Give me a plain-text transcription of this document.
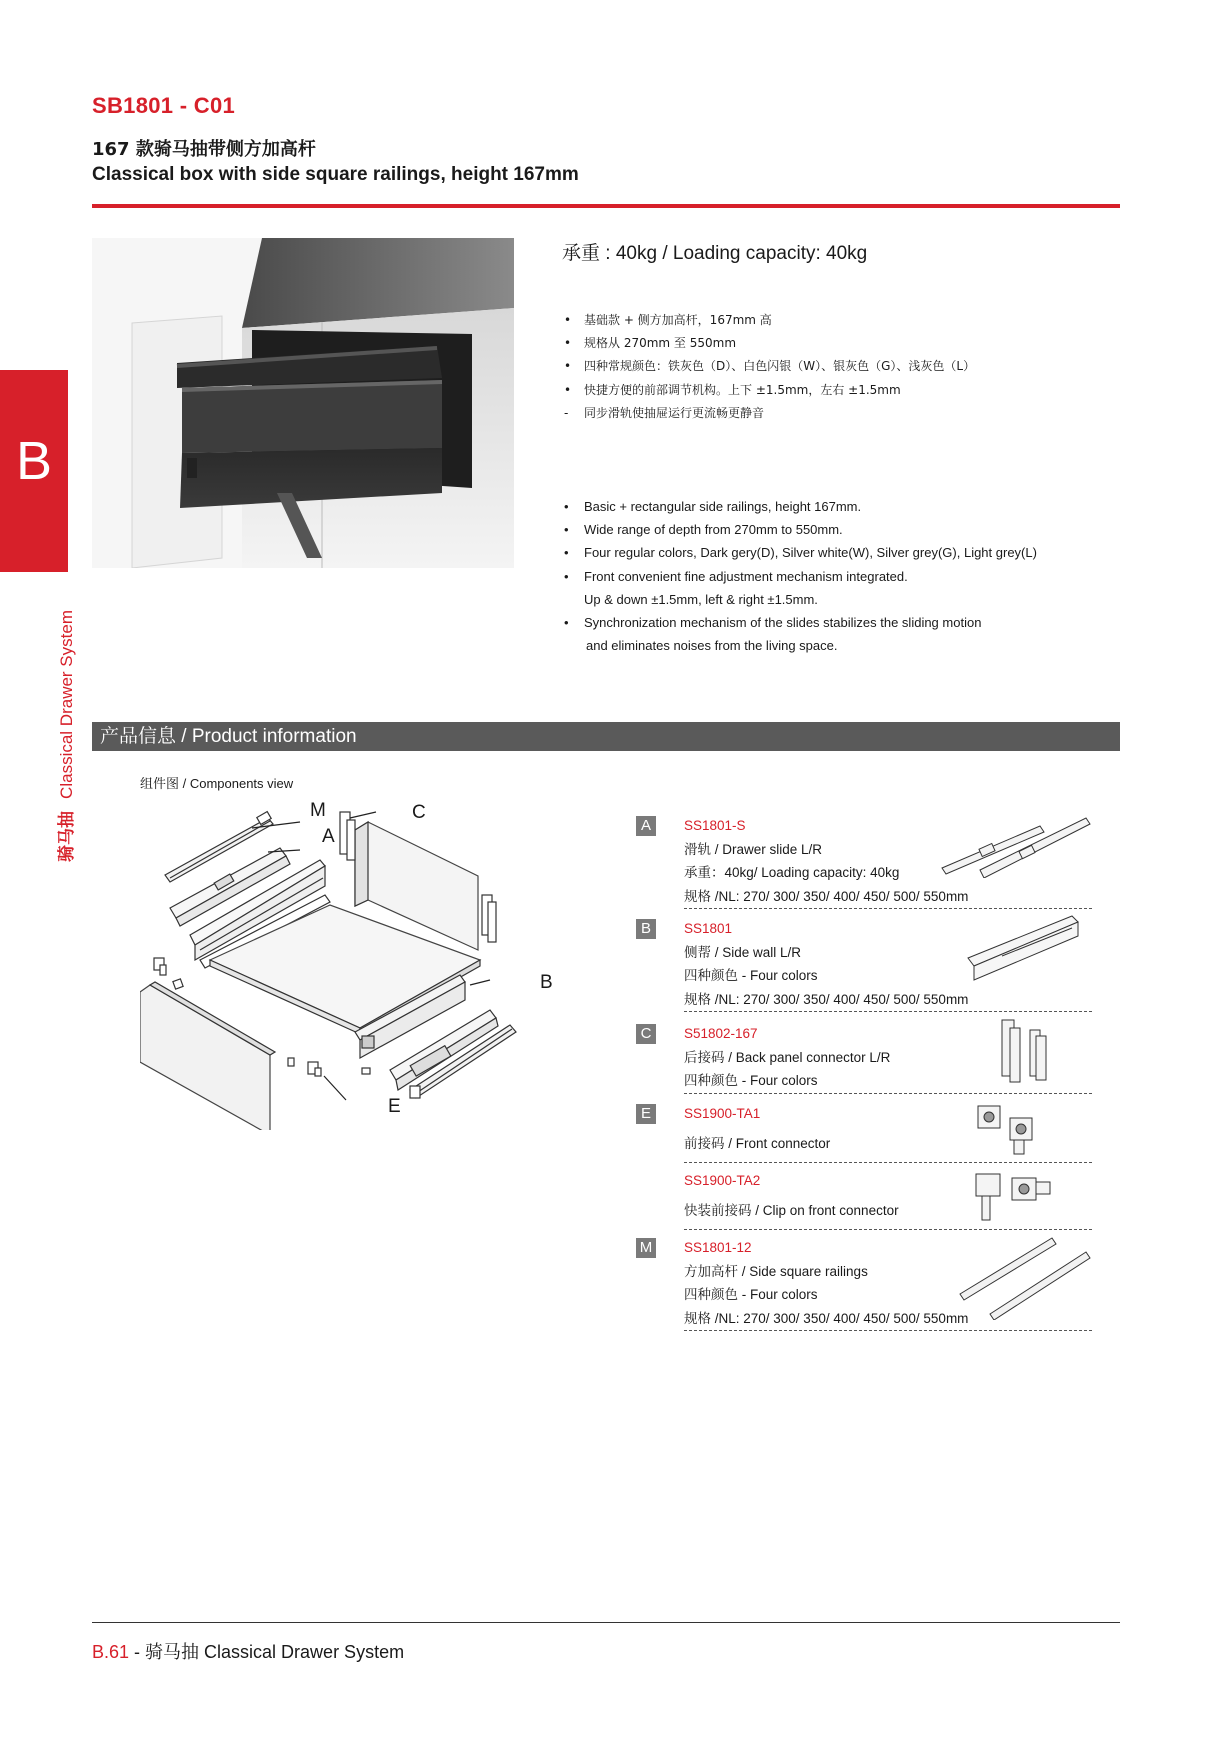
SB1801 - C01
167 款骑马抽带侧方加高杆
Classical box with side square railings, height 167mm
B
骑马抽Classical Drawer System
承重 : 40kg / Loading capacity: 40kg
• 基础款 + 侧方加高杆，167mm 高
• 规格从 270mm 至 550mm
• 四种常规颜色：铁灰色（D）、白色闪银（W）、银灰色（G）、浅灰色（L）
• 快捷方便的前部调节机构。上下 ±1.5mm，左右 ±1.5mm
- 同步滑轨使抽屉运行更流畅更静音
• Basic + rectangular side railings, height 167mm.
• Wide range of depth from 270mm to 550mm.
• Four regular colors, Dark gery(D), Silver white(W), Silver grey(G), Light grey(L)
• Front convenient fine adjustment mechanism integrated.
Up & down ±1.5mm, left & right ±1.5mm.
• Synchronization mechanism of the slides stabilizes the sliding motion
and eliminates noises from the living space.
产品信息 / Product information
组件图 / Components view
M
A
C
B
E
A	SS1801-S
滑轨 / Drawer slide L/R
承重：40kg/ Loading capacity: 40kg
规格 /NL: 270/ 300/ 350/ 400/ 450/ 500/ 550mm
B	SS1801
侧帮 / Side wall L/R
四种颜色 - Four colors
规格 /NL: 270/ 300/ 350/ 400/ 450/ 500/ 550mm
C	S51802-167
后接码 / Back panel connector L/R
四种颜色 - Four colors
E	SS1900-TA1
前接码 / Front connector
SS1900-TA2
快装前接码 / Clip on front connector
M SS1801-12
方加高杆 / Side square railings
四种颜色 - Four colors
规格 /NL: 270/ 300/ 350/ 400/ 450/ 500/ 550mm
B.61 - 骑马抽 Classical Drawer System
